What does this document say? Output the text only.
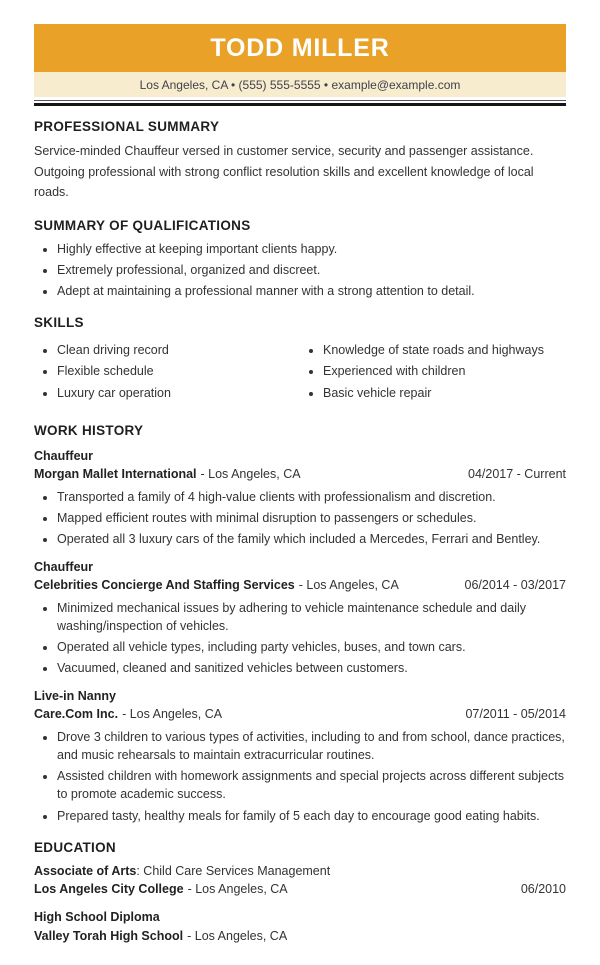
TODD MILLER
Los Angeles, CA • (555) 555-5555 • example@example.com
PROFESSIONAL SUMMARY

Service-minded Chauffeur versed in customer service, security and passenger assistance. Outgoing professional with strong conflict resolution skills and excellent knowledge of local roads.

SUMMARY OF QUALIFICATIONS
• Highly effective at keeping important clients happy.
• Extremely professional, organized and discreet.
• Adept at maintaining a professional manner with a strong attention to detail.
SKILLS
• Clean driving record
• Flexible schedule
• Luxury car operation
• Knowledge of state roads and highways
• Experienced with children
• Basic vehicle repair
WORK HISTORY
Chauffeur
Morgan Mallet International - Los Angeles, CA	04/2017 - Current
• Transported a family of 4 high-value clients with professionalism and discretion.
• Mapped efficient routes with minimal disruption to passengers or schedules.
• Operated all 3 luxury cars of the family which included a Mercedes, Ferrari and Bentley.
Chauffeur
Celebrities Concierge And Staffing Services - Los Angeles, CA	06/2014 - 03/2017
• Minimized mechanical issues by adhering to vehicle maintenance schedule and daily washing/inspection of vehicles.
• Operated all vehicle types, including party vehicles, buses, and town cars.
• Vacuumed, cleaned and sanitized vehicles between customers.
Live-in Nanny
Care.Com Inc. - Los Angeles, CA	07/2011 - 05/2014
• Drove 3 children to various types of activities, including to and from school, dance practices, and music rehearsals to maintain extracurricular routines.
• Assisted children with homework assignments and special projects across different subjects to promote academic success.
• Prepared tasty, healthy meals for family of 5 each day to encourage good eating habits.
EDUCATION
Associate of Arts: Child Care Services Management
Los Angeles City College - Los Angeles, CA	06/2010
High School Diploma
Valley Torah High School - Los Angeles, CA
